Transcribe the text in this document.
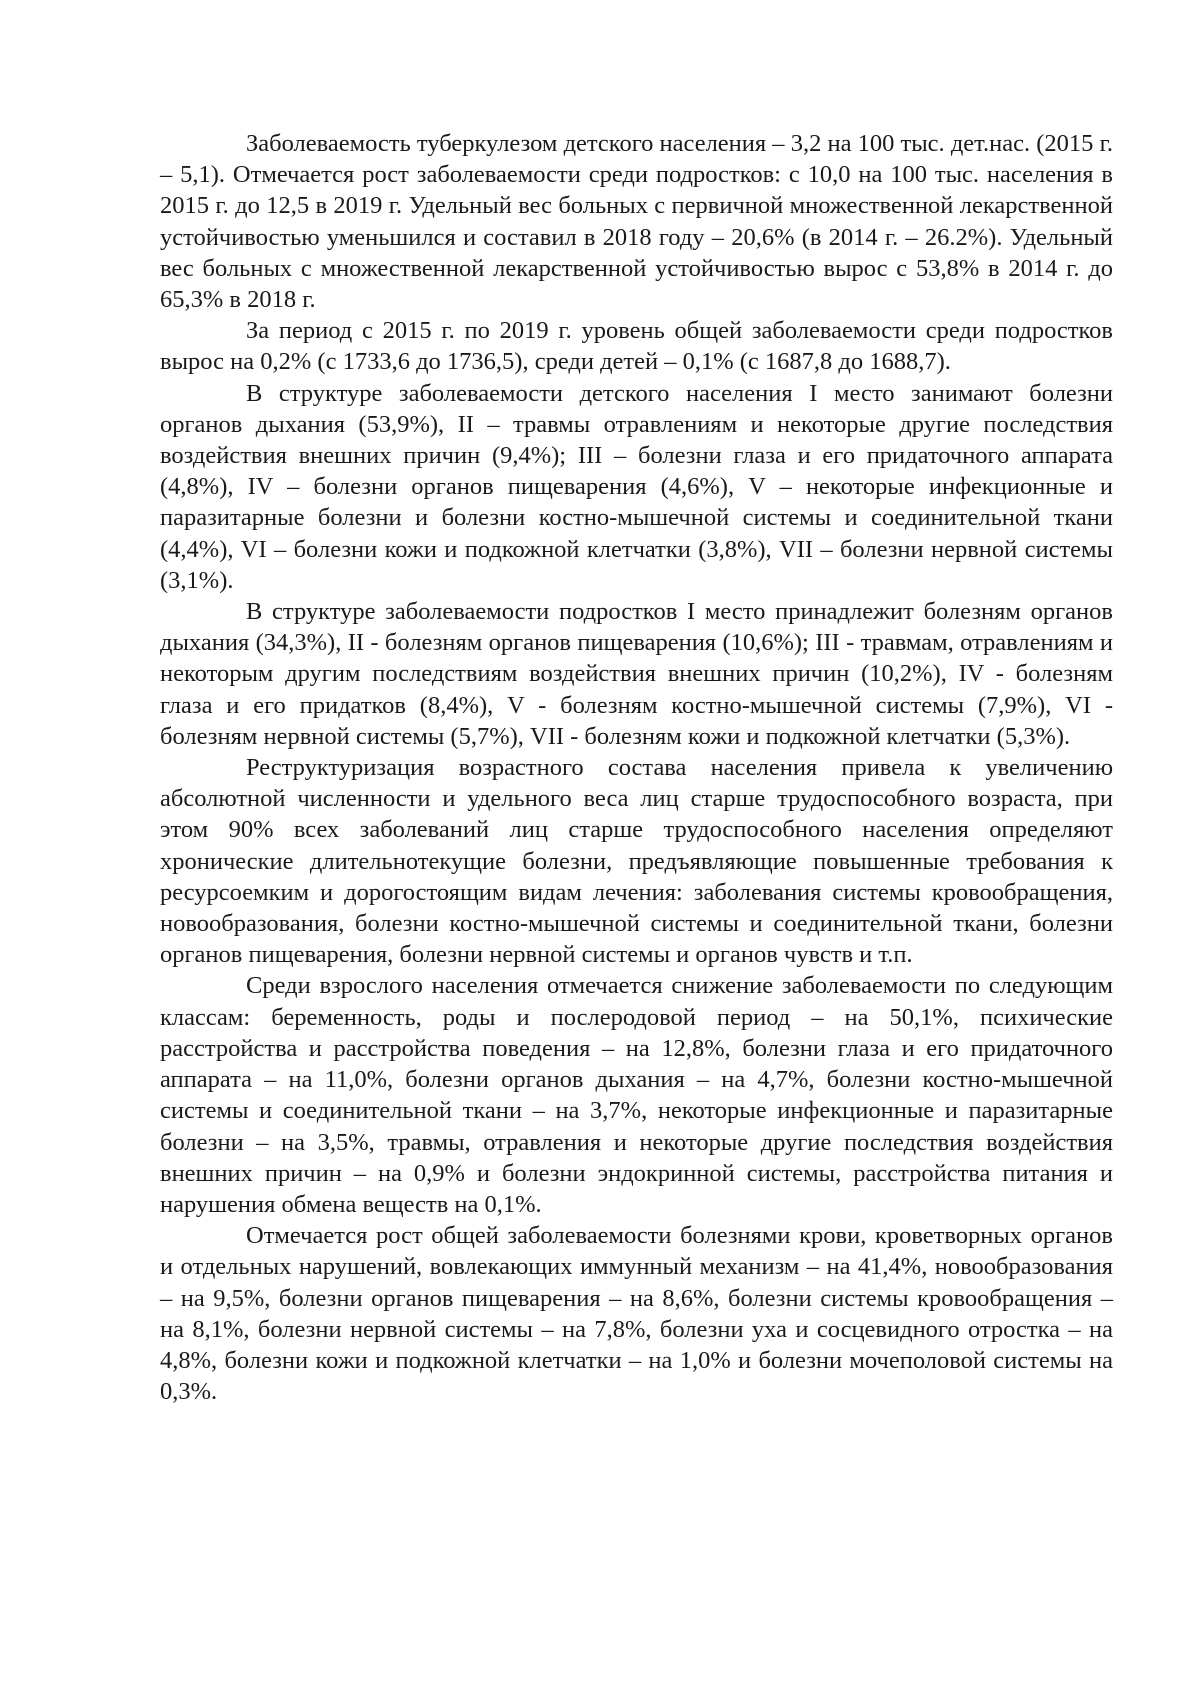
Заболеваемость туберкулезом детского населения – 3,2 на 100 тыс. дет.нас. (2015 г. – 5,1). Отмечается рост заболеваемости среди подростков: с 10,0 на 100 тыс. населения в 2015 г. до 12,5 в 2019 г. Удельный вес больных с первичной множественной лекарственной устойчивостью уменьшился и составил в 2018 году – 20,6% (в 2014 г. – 26.2%). Удельный вес больных с множественной лекарственной устойчивостью вырос с 53,8% в 2014 г. до 65,3% в 2018 г.

За период с 2015 г. по 2019 г. уровень общей заболеваемости среди подростков вырос на 0,2% (с 1733,6 до 1736,5), среди детей – 0,1% (с 1687,8 до 1688,7).

В структуре заболеваемости детского населения I место занимают болезни органов дыхания (53,9%), II – травмы отравлениям и некоторые другие последствия воздействия внешних причин (9,4%); III – болезни глаза и его придаточного аппарата (4,8%), IV – болезни органов пищеварения (4,6%), V – некоторые инфекционные и паразитарные болезни и болезни костно-мышечной системы и соединительной ткани (4,4%), VI – болезни кожи и подкожной клетчатки (3,8%), VII – болезни нервной системы (3,1%).

В структуре заболеваемости подростков I место принадлежит болезням органов дыхания (34,3%), II - болезням органов пищеварения (10,6%); III - травмам, отравлениям и некоторым другим последствиям воздействия внешних причин (10,2%), IV - болезням глаза и его придатков (8,4%), V - болезням костно-мышечной системы (7,9%), VI - болезням нервной системы (5,7%), VII - болезням кожи и подкожной клетчатки (5,3%).

Реструктуризация возрастного состава населения привела к увеличению абсолютной численности и удельного веса лиц старше трудоспособного возраста, при этом 90% всех заболеваний лиц старше трудоспособного населения определяют хронические длительнотекущие болезни, предъявляющие повышенные требования к ресурсоемким и дорогостоящим видам лечения: заболевания системы кровообращения, новообразования, болезни костно-мышечной системы и соединительной ткани, болезни органов пищеварения, болезни нервной системы и органов чувств и т.п.

Среди взрослого населения отмечается снижение заболеваемости по следующим классам: беременность, роды и послеродовой период – на 50,1%, психические расстройства и расстройства поведения – на 12,8%, болезни глаза и его придаточного аппарата – на 11,0%, болезни органов дыхания – на 4,7%, болезни костно-мышечной системы и соединительной ткани – на 3,7%, некоторые инфекционные и паразитарные болезни – на 3,5%, травмы, отравления и некоторые другие последствия воздействия внешних причин – на 0,9% и болезни эндокринной системы, расстройства питания и нарушения обмена веществ на 0,1%.

Отмечается рост общей заболеваемости болезнями крови, кроветворных органов и отдельных нарушений, вовлекающих иммунный механизм – на 41,4%, новообразования – на 9,5%, болезни органов пищеварения – на 8,6%, болезни системы кровообращения – на 8,1%, болезни нервной системы – на 7,8%, болезни уха и сосцевидного отростка – на 4,8%, болезни кожи и подкожной клетчатки – на 1,0% и болезни мочеполовой системы на 0,3%.
